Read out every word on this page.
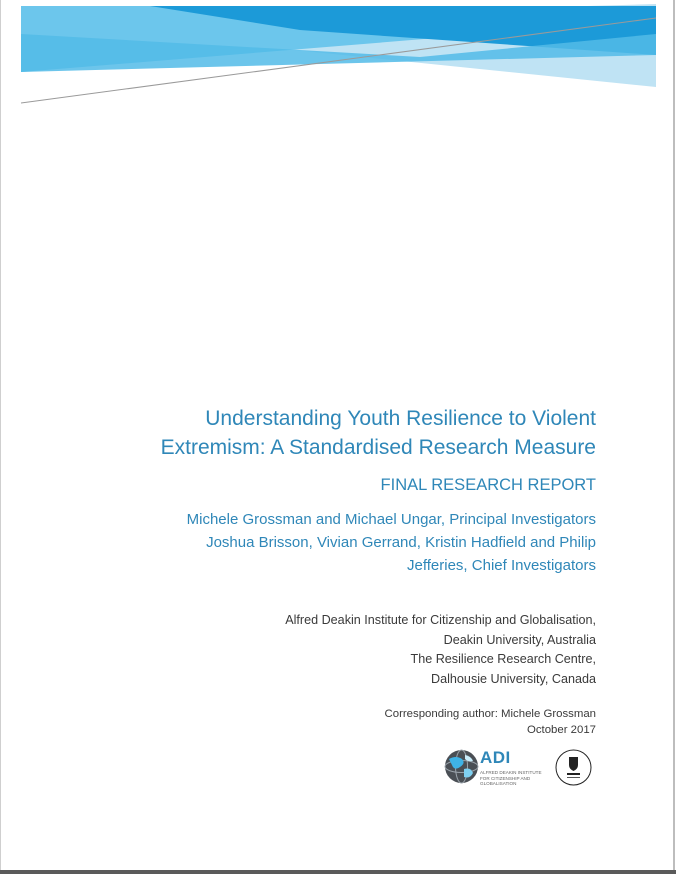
Understanding Youth Resilience to Violent
Extremism: A Standardised Research Measure
FINAL RESEARCH REPORT
Michele Grossman and Michael Ungar, Principal Investigators
Joshua Brisson, Vivian Gerrand, Kristin Hadfield and Philip
Jefferies, Chief Investigators
Alfred Deakin Institute for Citizenship and Globalisation,
Deakin University, Australia
The Resilience Research Centre,
Dalhousie University, Canada
Corresponding author: Michele Grossman
October 2017
ADI
ALFRED DEAKIN INSTITUTE FOR CITIZENSHIP AND GLOBALISATION
